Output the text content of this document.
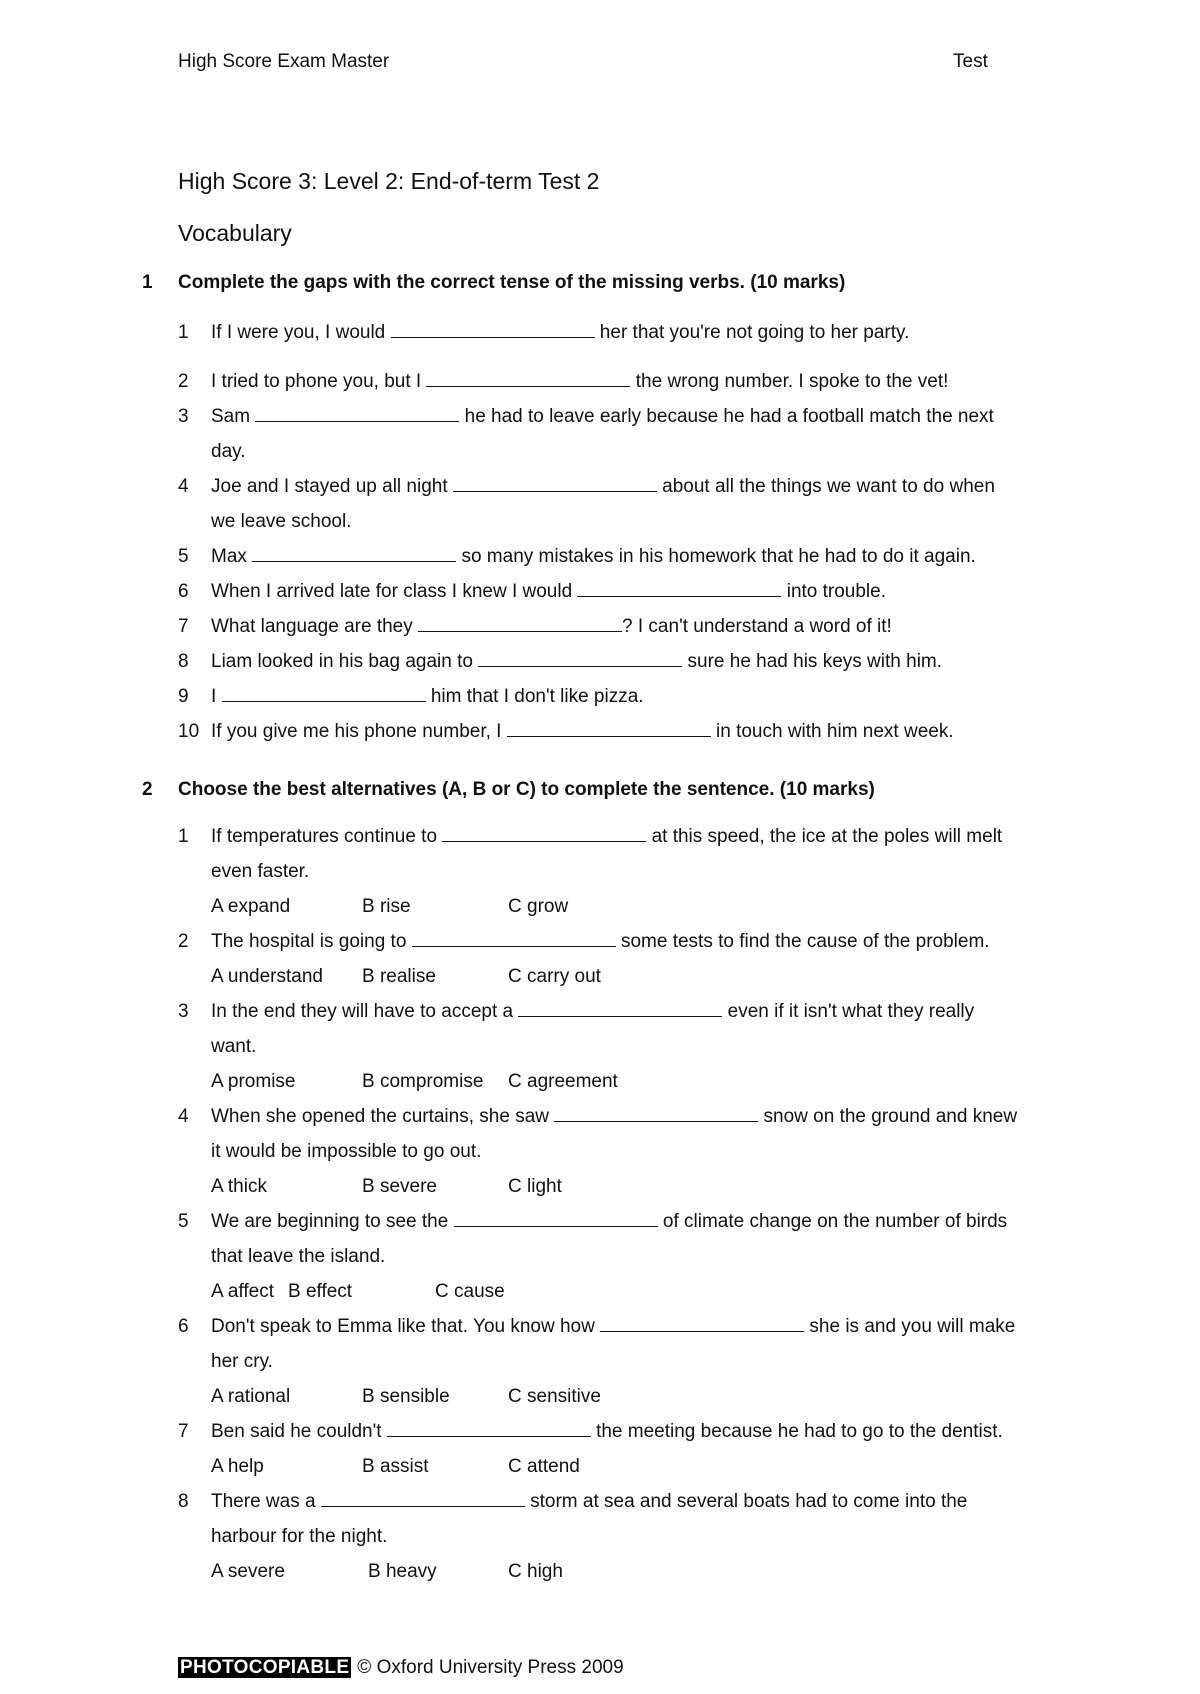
High Score Exam Master	Test
High Score 3: Level 2: End-of-term Test 2
Vocabulary
1 Complete the gaps with the correct tense of the missing verbs. (10 marks)
1	If I were you, I would	her that you're not going to her party.
2	I tried to phone you, but I	the wrong number. I spoke to the vet!
3	Sam	he had to leave early because he had a football match the next
day.
4	Joe and I stayed up all night	about all the things we want to do when
we leave school.
5	Max	so many mistakes in his homework that he had to do it again.
6	When I arrived late for class I knew I would	into trouble.
7	What language are they	? I can't understand a word of it!
8	Liam looked in his bag again to	sure he had his keys with him.
9	I	him that I don't like pizza.
10 If you give me his phone number, I	in touch with him next week.
2 Choose the best alternatives (A, B or C) to complete the sentence. (10 marks)
1	If temperatures continue to	at this speed, the ice at the poles will melt
even faster.
A expand	B rise	C grow
2	The hospital is going to	some tests to find the cause of the problem.
A understand B realise	C carry out
3	In the end they will have to accept a	even if it isn't what they really
want.
A promise	B compromise C agreement
4	When she opened the curtains, she saw	snow on the ground and knew
it would be impossible to go out.
A thick	B severe	C light
5	We are beginning to see the	of climate change on the number of birds
that leave the island.
A affect B effect	C cause
6	Don't speak to Emma like that. You know how	she is and you will make
her cry.
A rational	B sensible	C sensitive
7	Ben said he couldn't	the meeting because he had to go to the dentist.
A help	B assist	C attend
8	There was a	storm at sea and several boats had to come into the
harbour for the night.
A severe	B heavy	C high
PHOTOCOPIABLE © Oxford University Press 2009
